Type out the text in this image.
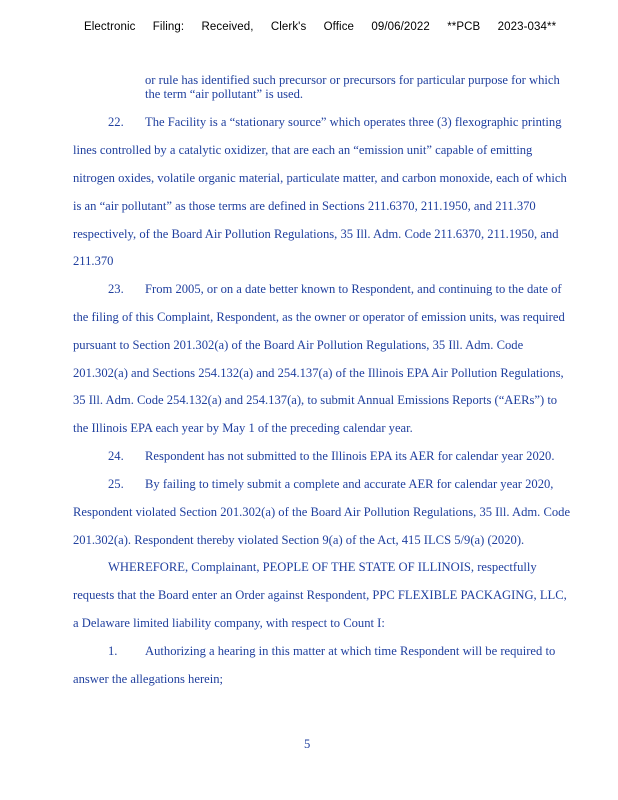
Electronic Filing: Received, Clerk's Office 09/06/2022 **PCB 2023-034**
or rule has identified such precursor or precursors for particular purpose for which
the term “air pollutant” is used.
22. The Facility is a “stationary source” which operates three (3) flexographic printing
lines controlled by a catalytic oxidizer, that are each an “emission unit” capable of emitting
nitrogen oxides, volatile organic material, particulate matter, and carbon monoxide, each of which
is an “air pollutant” as those terms are defined in Sections 211.6370, 211.1950, and 211.370
respectively, of the Board Air Pollution Regulations, 35 Ill. Adm. Code 211.6370, 211.1950, and
211.370
23. From 2005, or on a date better known to Respondent, and continuing to the date of
the filing of this Complaint, Respondent, as the owner or operator of emission units, was required
pursuant to Section 201.302(a) of the Board Air Pollution Regulations, 35 Ill. Adm. Code
201.302(a) and Sections 254.132(a) and 254.137(a) of the Illinois EPA Air Pollution Regulations,
35 Ill. Adm. Code 254.132(a) and 254.137(a), to submit Annual Emissions Reports (“AERs”) to
the Illinois EPA each year by May 1 of the preceding calendar year.
24. Respondent has not submitted to the Illinois EPA its AER for calendar year 2020.
25. By failing to timely submit a complete and accurate AER for calendar year 2020,
Respondent violated Section 201.302(a) of the Board Air Pollution Regulations, 35 Ill. Adm. Code
201.302(a). Respondent thereby violated Section 9(a) of the Act, 415 ILCS 5/9(a) (2020).
WHEREFORE, Complainant, PEOPLE OF THE STATE OF ILLINOIS, respectfully
requests that the Board enter an Order against Respondent, PPC FLEXIBLE PACKAGING, LLC,
a Delaware limited liability company, with respect to Count I:
1. Authorizing a hearing in this matter at which time Respondent will be required to
answer the allegations herein;
5
